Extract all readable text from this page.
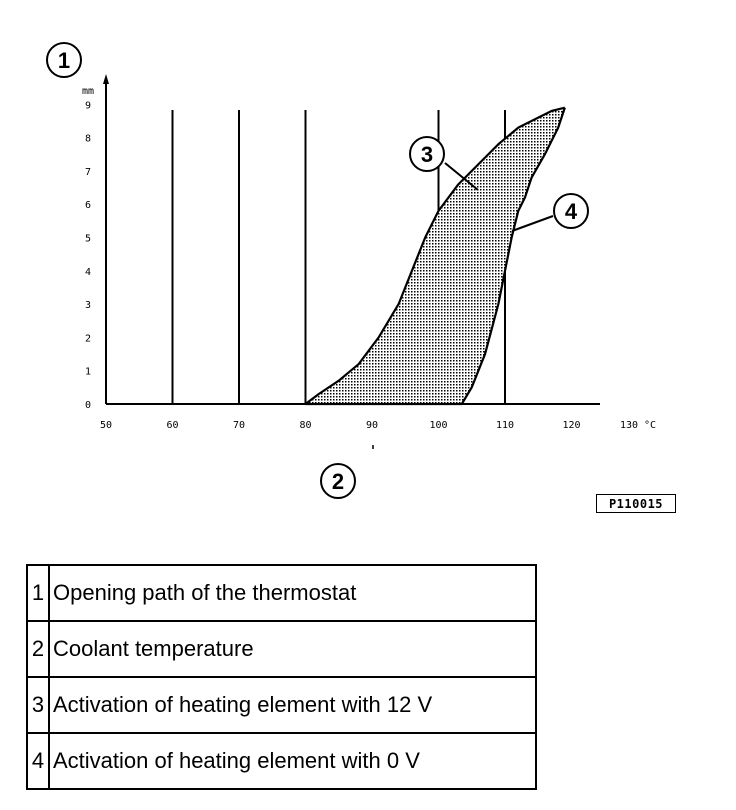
0
1
2
3
4
5
6
7
8
9
50	60	70	80	90	100	110	120	130 °C
mm
1
2
3
4
P110015
1	Opening path of the thermostat
2	Coolant temperature
3	Activation of heating element with 12 V
4	Activation of heating element with 0 V
